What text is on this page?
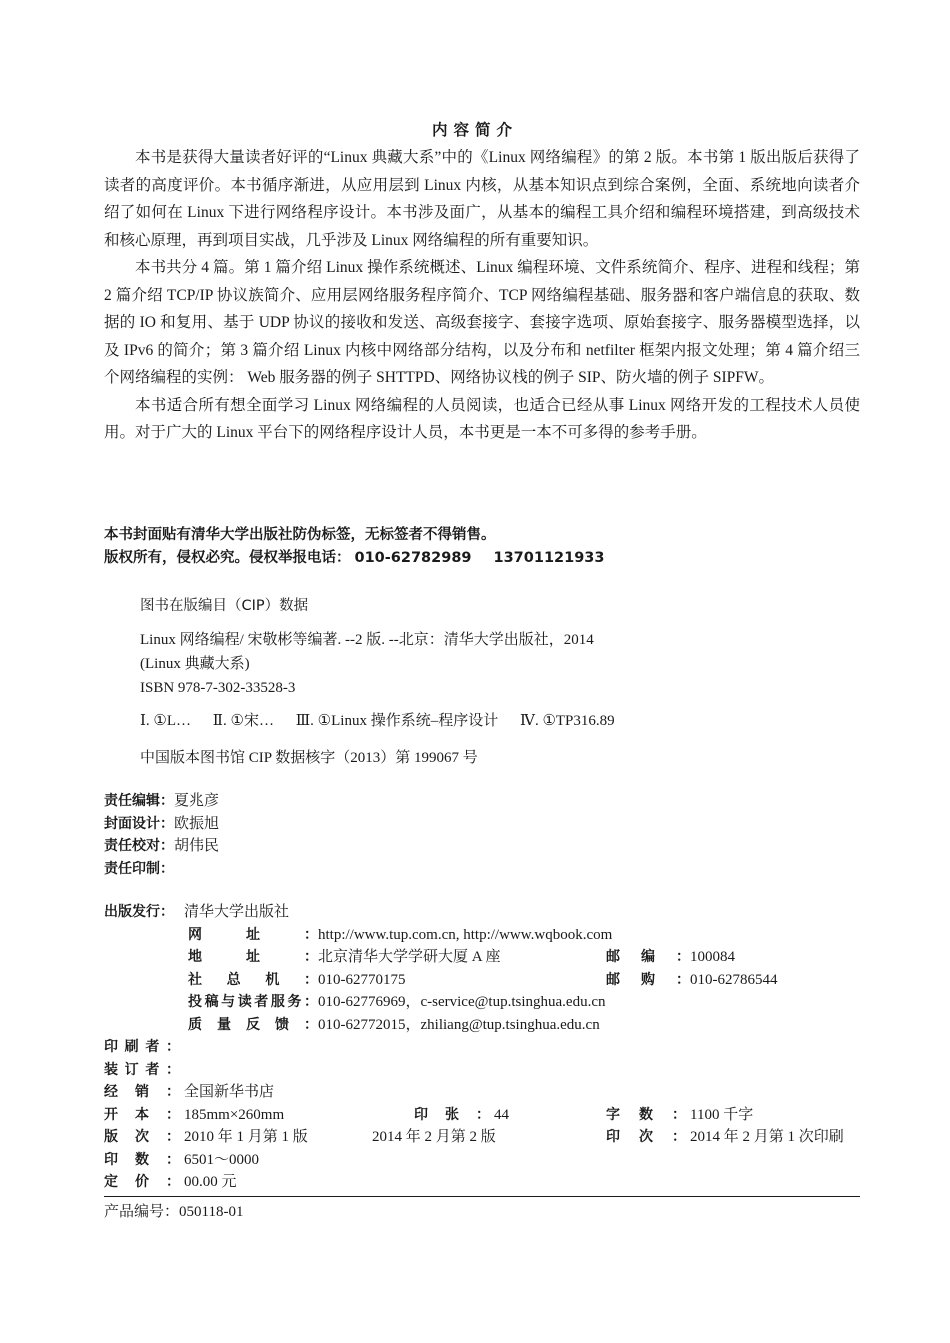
内容简介

本书是获得大量读者好评的“Linux 典藏大系”中的《Linux 网络编程》的第 2 版。本书第 1 版出版后获得了读者的高度评价。本书循序渐进，从应用层到 Linux 内核，从基本知识点到综合案例，全面、系统地向读者介绍了如何在 Linux 下进行网络程序设计。本书涉及面广，从基本的编程工具介绍和编程环境搭建，到高级技术和核心原理，再到项目实战，几乎涉及 Linux 网络编程的所有重要知识。

本书共分 4 篇。第 1 篇介绍 Linux 操作系统概述、Linux 编程环境、文件系统简介、程序、进程和线程；第 2 篇介绍 TCP/IP 协议族简介、应用层网络服务程序简介、TCP 网络编程基础、服务器和客户端信息的获取、数据的 IO 和复用、基于 UDP 协议的接收和发送、高级套接字、套接字选项、原始套接字、服务器模型选择，以及 IPv6 的简介；第 3 篇介绍 Linux 内核中网络部分结构，以及分布和 netfilter 框架内报文处理；第 4 篇介绍三个网络编程的实例： Web 服务器的例子 SHTTPD、网络协议栈的例子 SIP、防火墙的例子 SIPFW。

本书适合所有想全面学习 Linux 网络编程的人员阅读，也适合已经从事 Linux 网络开发的工程技术人员使用。对于广大的 Linux 平台下的网络程序设计人员，本书更是一本不可多得的参考手册。

本书封面贴有清华大学出版社防伪标签，无标签者不得销售。
版权所有，侵权必究。侵权举报电话： 010-62782989 13701121933
图书在版编目（CIP）数据
Linux 网络编程/ 宋敬彬等编著. --2 版. --北京：清华大学出版社，2014
(Linux 典藏大系)
ISBN 978-7-302-33528-3
Ⅰ. ①L… Ⅱ. ①宋… Ⅲ. ①Linux 操作系统–程序设计 Ⅳ. ①TP316.89
中国版本图书馆 CIP 数据核字（2013）第 199067 号
责任编辑：夏兆彦
封面设计：欧振旭
责任校对：胡伟民
责任印制：
出版发行： 清华大学出版社
网址： http://www.tup.com.cn, http://www.wqbook.com
地址： 北京清华大学学研大厦 A 座	邮编： 100084
社总机： 010-62770175	邮购： 010-62786544
投稿与读者服务： 010-62776969，c-service@tup.tsinghua.edu.cn
质量反馈： 010-62772015，zhiliang@tup.tsinghua.edu.cn
印刷者：
装订者：
经销： 全国新华书店
开本： 185mm×260mm	印张： 44	字数： 1100 千字
版次： 2010 年 1 月第 1 版	2014 年 2 月第 2 版	印次： 2014 年 2 月第 1 次印刷
印数： 6501～0000
定价： 00.00 元
产品编号：050118-01
